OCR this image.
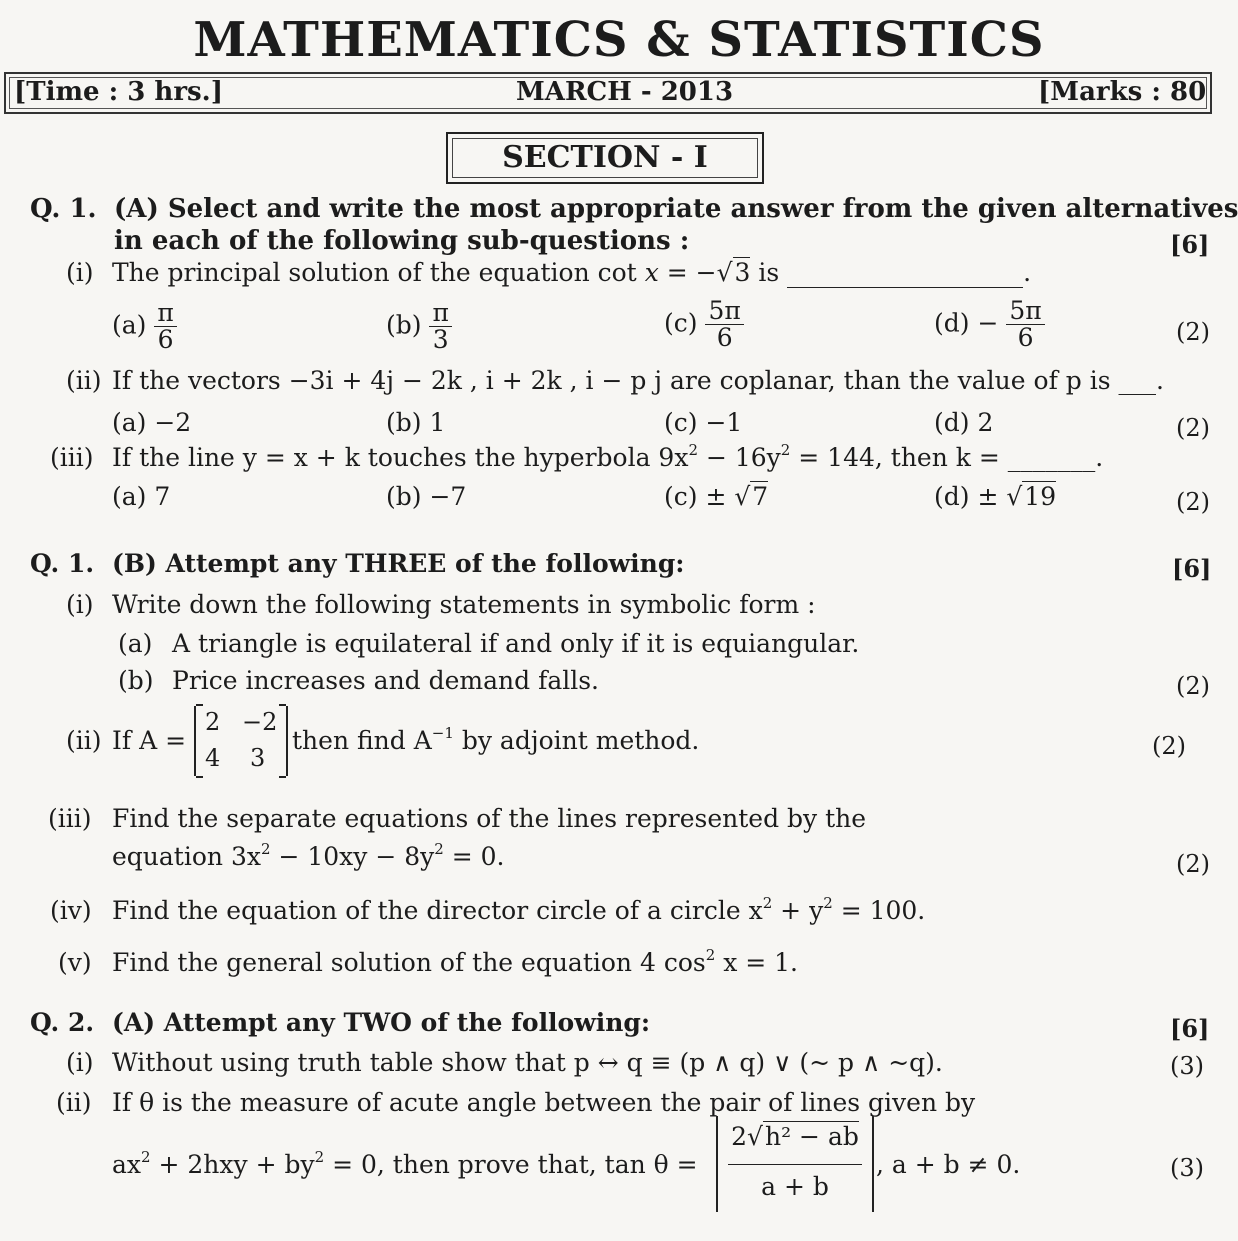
MATHEMATICS & STATISTICS
[Time : 3 hrs.]	MARCH - 2013	[Marks : 80
SECTION - I
Q. 1. (A) Select and write the most appropriate answer from the given alternatives
in each of the following sub-questions :	[6]
(i) The principal solution of the equation cot x = −√3 is	.
$(a) \frac{\pi}{6}$	$(b) \frac{\pi}{3}$	$(c) \frac{5\pi}{6}$	$(d) - \frac{5\pi}{6}$	(2)
(ii) If the vectors −3i + 4j − 2k , i + 2k , i − p j are coplanar, than the value of p is ___.
(a) −2	(b) 1	(c) −1	(d) 2	(2)
(iii) If the line y = x + k touches the hyperbola $9x^2 - 16y^2 = 144$, then k = _______.
(a) 7	(b) −7	(c) ± √7	(d) ± √19	(2)
Q. 1. (B) Attempt any THREE of the following:	[6]
(i) Write down the following statements in symbolic form :
(a) A triangle is equilateral if and only if it is equiangular.
(b) Price increases and demand falls.	(2)
(ii) If A =
2 −2
4 3
then find $A^{-1}$ by adjoint method.	(2)
(iii) Find the separate equations of the lines represented by the
equation $3x^2 - 10xy - 8y^2 = 0$.	(2)
(iv) Find the equation of the director circle of a circle $x^2 + y^2 = 100$.
(v) Find the general solution of the equation 4 $\cos^2 x = 1$.
Q. 2. (A) Attempt any TWO of the following:	[6]
(i) Without using truth table show that p ↔ q ≡ (p ∧ q) ∨ (~ p ∧ ~q).	(3)
(ii) If θ is the measure of acute angle between the pair of lines given by
$ax^2 + 2hxy + by^2 = 0$, then prove that, tan θ =
2√h² − ab
a + b
, a + b ≠ 0.	(3)
